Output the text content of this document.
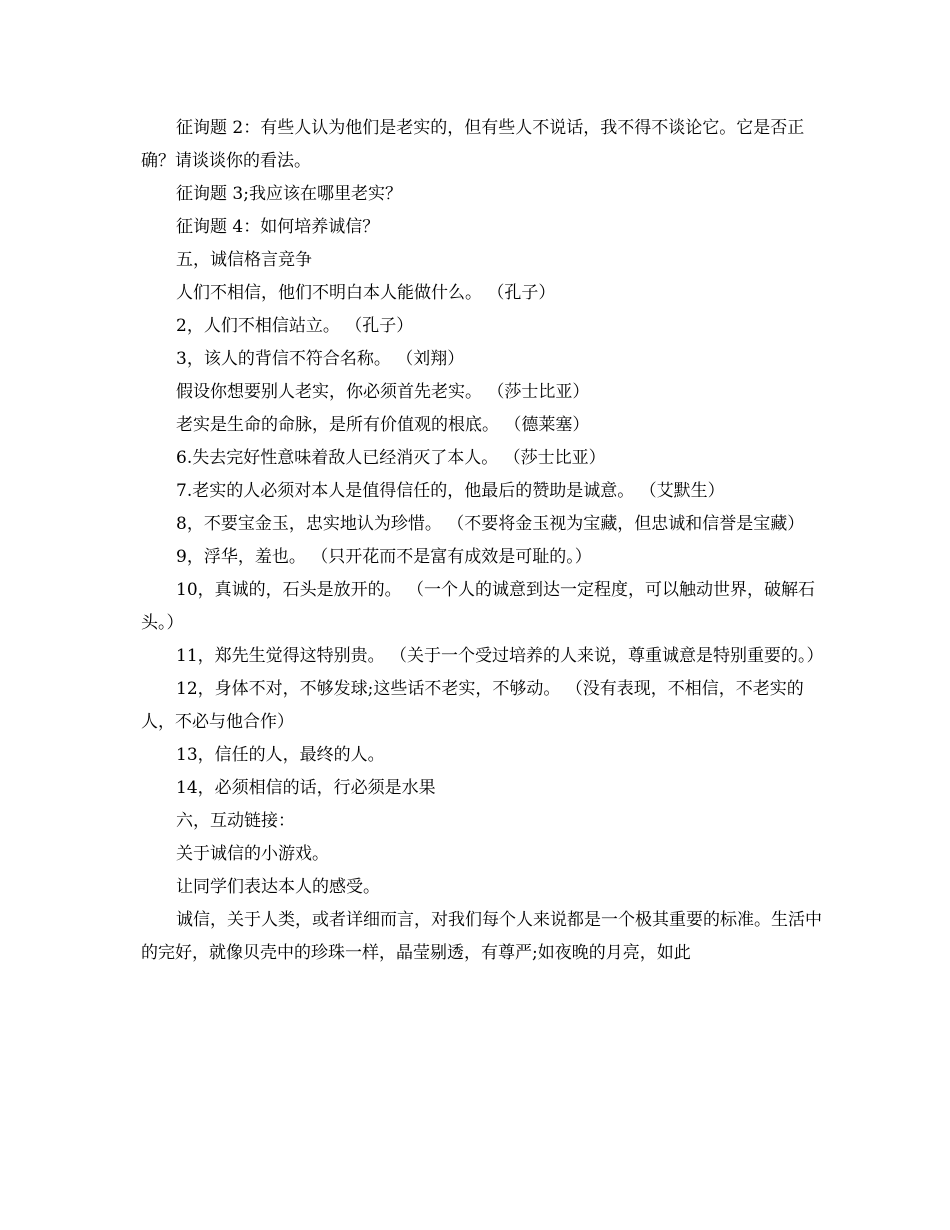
征询题 2：有些人认为他们是老实的，但有些人不说话，我不得不谈论它。它是否正确？请谈谈你的看法。

征询题 3;我应该在哪里老实？

征询题 4：如何培养诚信？

五，诚信格言竞争

人们不相信，他们不明白本人能做什么。 （孔子）

2，人们不相信站立。 （孔子）

3，该人的背信不符合名称。 （刘翔）

假设你想要别人老实，你必须首先老实。 （莎士比亚）

老实是生命的命脉，是所有价值观的根底。 （德莱塞）

6.失去完好性意味着敌人已经消灭了本人。 （莎士比亚）

7.老实的人必须对本人是值得信任的，他最后的赞助是诚意。 （艾默生）

8，不要宝金玉，忠实地认为珍惜。 （不要将金玉视为宝藏，但忠诚和信誉是宝藏）

9，浮华，羞也。 （只开花而不是富有成效是可耻的。）

10，真诚的，石头是放开的。 （一个人的诚意到达一定程度，可以触动世界，破解石头。）

11，郑先生觉得这特别贵。 （关于一个受过培养的人来说，尊重诚意是特别重要的。）

12，身体不对，不够发球;这些话不老实，不够动。 （没有表现，不相信，不老实的人，不必与他合作）

13，信任的人，最终的人。

14，必须相信的话，行必须是水果

六，互动链接：

关于诚信的小游戏。

让同学们表达本人的感受。

诚信，关于人类，或者详细而言，对我们每个人来说都是一个极其重要的标准。生活中的完好，就像贝壳中的珍珠一样，晶莹剔透，有尊严;如夜晚的月亮，如此
